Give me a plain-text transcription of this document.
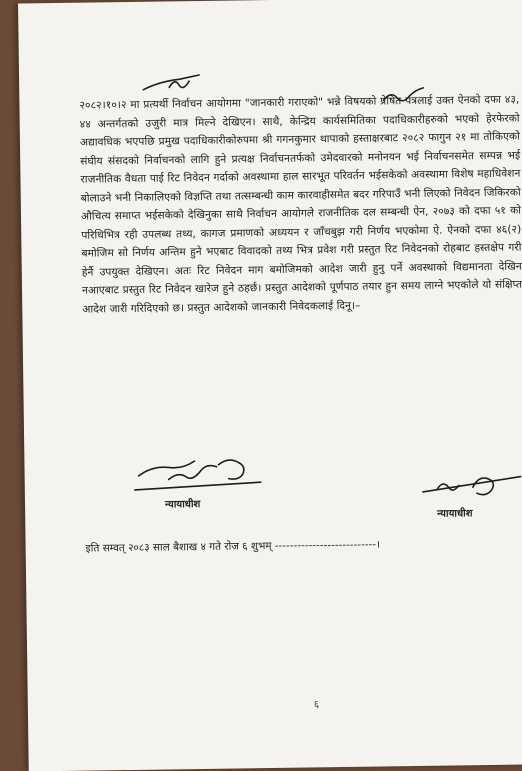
२०८२।१०।२ मा प्रत्यर्थी निर्वाचन आयोगमा "जानकारी गराएको" भन्ने विषयको प्रेषित पत्रलाई उक्त ऐनको दफा ४३, ४४ अन्तर्गतको उजुरी मात्र मिल्ने देखिएन। साथै, केन्द्रिय कार्यसमितिका पदाधिकारीहरुको भएको हेरफेरको अद्यावधिक भएपछि प्रमुख पदाधिकारीकोरुपमा श्री गगनकुमार थापाको हस्ताक्षरबाट २०८२ फागुन २१ मा तोकिएको संघीय संसदको निर्वाचनको लागि हुने प्रत्यक्ष निर्वाचनतर्फको उमेदवारको मनोनयन भई निर्वाचनसमेत सम्पन्न भई राजनीतिक वैधता पाई रिट निवेदन गर्दाको अवस्थामा हाल सारभूत परिवर्तन भईसकेको अवस्थामा विशेष महाधिवेशन बोलाउने भनी निकालिएको विज्ञप्ति तथा तत्सम्बन्धी काम कारवाहीसमेत बदर गरिपाउँ भनी लिएको निवेदन जिकिरको औचित्य समाप्त भईसकेको देखिनुका साथै निर्वाचन आयोगले राजनीतिक दल सम्बन्धी ऐन, २०७३ को दफा ५१ को परिधिभित्र रही उपलब्ध तथ्य, कागज प्रमाणको अध्ययन र जाँचबुझ गरी निर्णय भएकोमा ऐ. ऐनको दफा ४६(२) बमोजिम सो निर्णय अन्तिम हुने भएबाट विवादको तथ्य भित्र प्रवेश गरी प्रस्तुत रिट निवेदनको रोहबाट हस्तक्षेप गरी हेर्नै उपयुक्त देखिएन। अतः रिट निवेदन माग बमोजिमको आदेश जारी हुनु पर्ने अवस्थाको विद्यमानता देखिन नआएबाट प्रस्तुत रिट निवेदन खारेज हुने ठहर्छ। प्रस्तुत आदेशको पूर्णपाठ तयार हुन समय लाग्ने भएकोले यो संक्षिप्त आदेश जारी गरिदिएको छ। प्रस्तुत आदेशको जानकारी निवेदकलाई दिनू।–

न्यायाधीश
न्यायाधीश
इति सम्वत् २०८३ साल बैशाख ४ गते रोज ६ शुभम् ---------------------------।
६
